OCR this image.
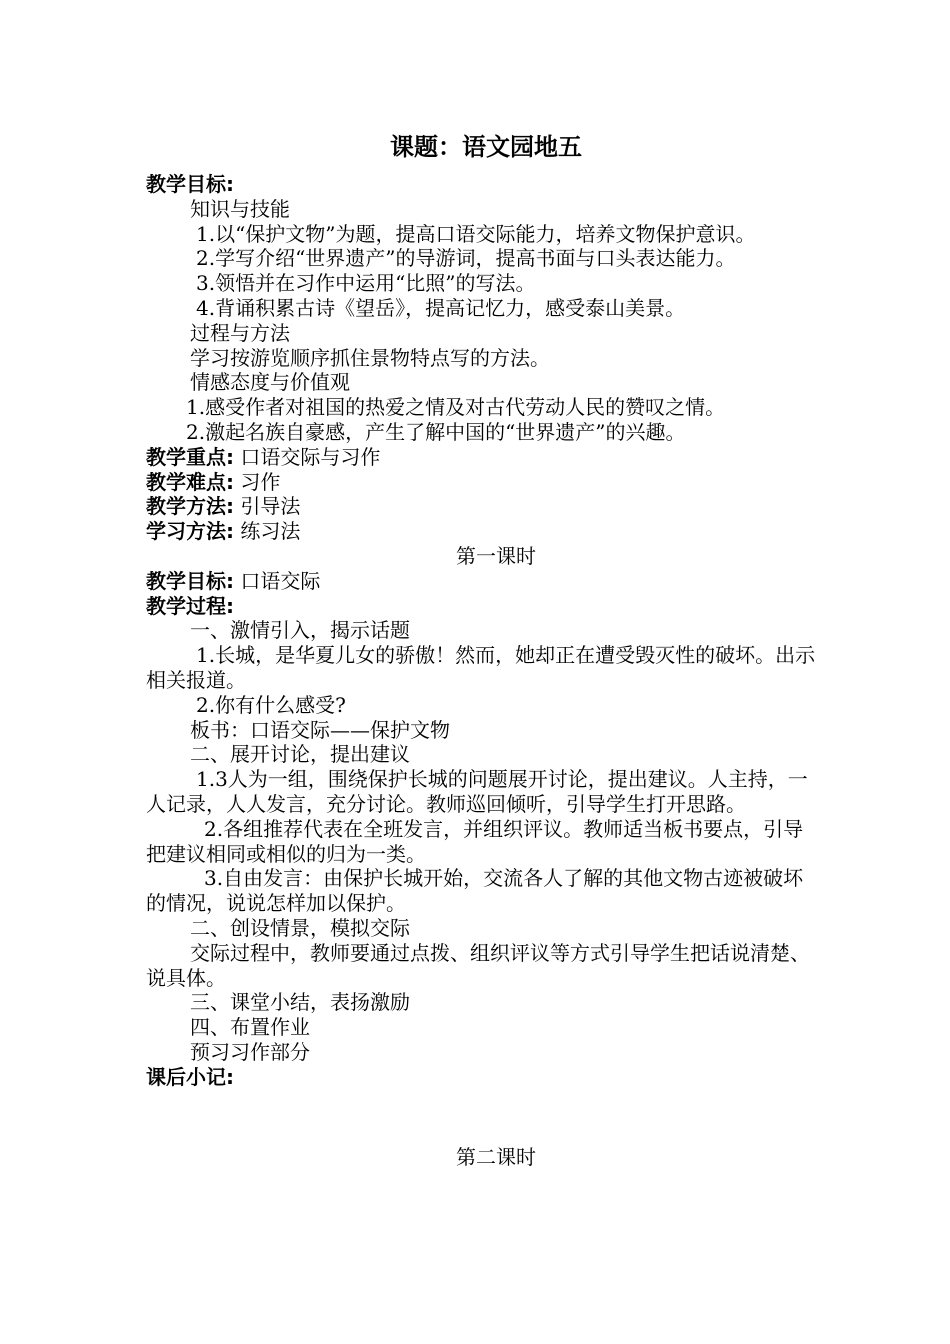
课题：语文园地五
教学目标:
知识与技能
1.以“保护文物”为题，提高口语交际能力，培养文物保护意识。
2.学写介绍“世界遗产”的导游词，提高书面与口头表达能力。
3.领悟并在习作中运用“比照”的写法。
4.背诵积累古诗《望岳》，提高记忆力，感受泰山美景。
过程与方法
学习按游览顺序抓住景物特点写的方法。
情感态度与价值观
1.感受作者对祖国的热爱之情及对古代劳动人民的赞叹之情。
2.激起名族自豪感，产生了解中国的“世界遗产”的兴趣。
教学重点: 口语交际与习作
教学难点: 习作
教学方法: 引导法
学习方法: 练习法
第一课时
教学目标: 口语交际
教学过程:
一、激情引入，揭示话题
1.长城，是华夏儿女的骄傲！然而，她却正在遭受毁灭性的破坏。出示相关报道。
2.你有什么感受?
板书：口语交际——保护文物
二、展开讨论，提出建议
1.3人为一组，围绕保护长城的问题展开讨论，提出建议。人主持，一人记录，人人发言，充分讨论。教师巡回倾听，引导学生打开思路。
2.各组推荐代表在全班发言，并组织评议。教师适当板书要点，引导把建议相同或相似的归为一类。
3.自由发言：由保护长城开始，交流各人了解的其他文物古迹被破坏的情况，说说怎样加以保护。
二、创设情景，模拟交际
交际过程中，教师要通过点拨、组织评议等方式引导学生把话说清楚、说具体。
三、课堂小结，表扬激励
四、布置作业
预习习作部分
课后小记:
第二课时
